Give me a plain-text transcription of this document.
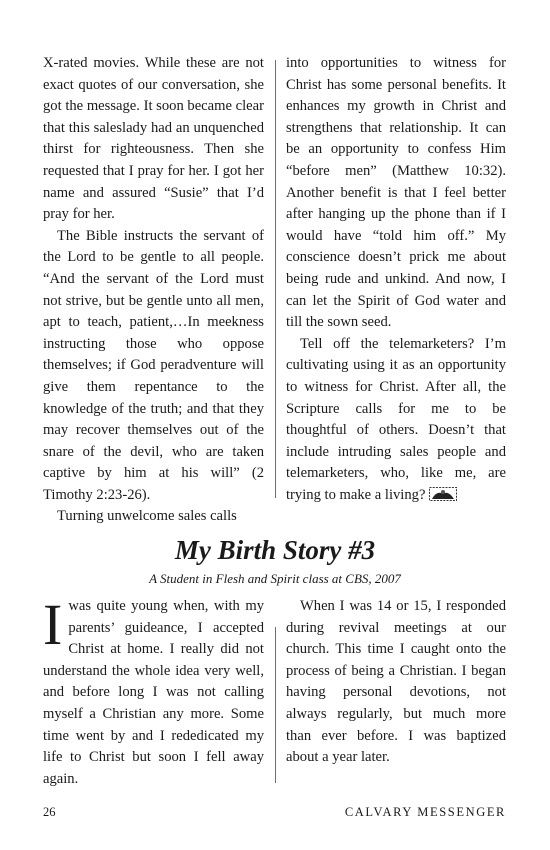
X-rated movies. While these are not exact quotes of our conversation, she got the message. It soon became clear that this saleslady had an unquenched thirst for righteousness. Then she requested that I pray for her. I got her name and assured “Susie” that I’d pray for her.

The Bible instructs the servant of the Lord to be gentle to all people. “And the servant of the Lord must not strive, but be gentle unto all men, apt to teach, patient,…In meekness instructing those who oppose themselves; if God peradventure will give them repentance to the knowledge of the truth; and that they may recover themselves out of the snare of the devil, who are taken captive by him at his will” (2 Timothy 2:23-26).

Turning unwelcome sales calls

into opportunities to witness for Christ has some personal benefits. It enhances my growth in Christ and strengthens that relationship. It can be an opportunity to confess Him “before men” (Matthew 10:32). Another benefit is that I feel better after hanging up the phone than if I would have “told him off.” My conscience doesn’t prick me about being rude and unkind. And now, I can let the Spirit of God water and till the sown seed.

Tell off the telemarketers? I’m cultivating using it as an opportunity to witness for Christ. After all, the Scripture calls for me to be thoughtful of others. Doesn’t that include intruding sales people and telemarketers, who, like me, are trying to make a living?

My Birth Story #3
A Student in Flesh and Spirit class at CBS, 2007

Iwas quite young when, with my parents’ guideance, I accepted Christ at home. I really did not understand the whole idea very well, and before long I was not calling myself a Christian any more. Some time went by and I rededicated my life to Christ but soon I fell away again.

When I was 14 or 15, I responded during revival meetings at our church. This time I caught onto the process of being a Christian. I began having personal devotions, not always regularly, but much more than ever before. I was baptized about a year later.

26	CALVARY MESSENGER
